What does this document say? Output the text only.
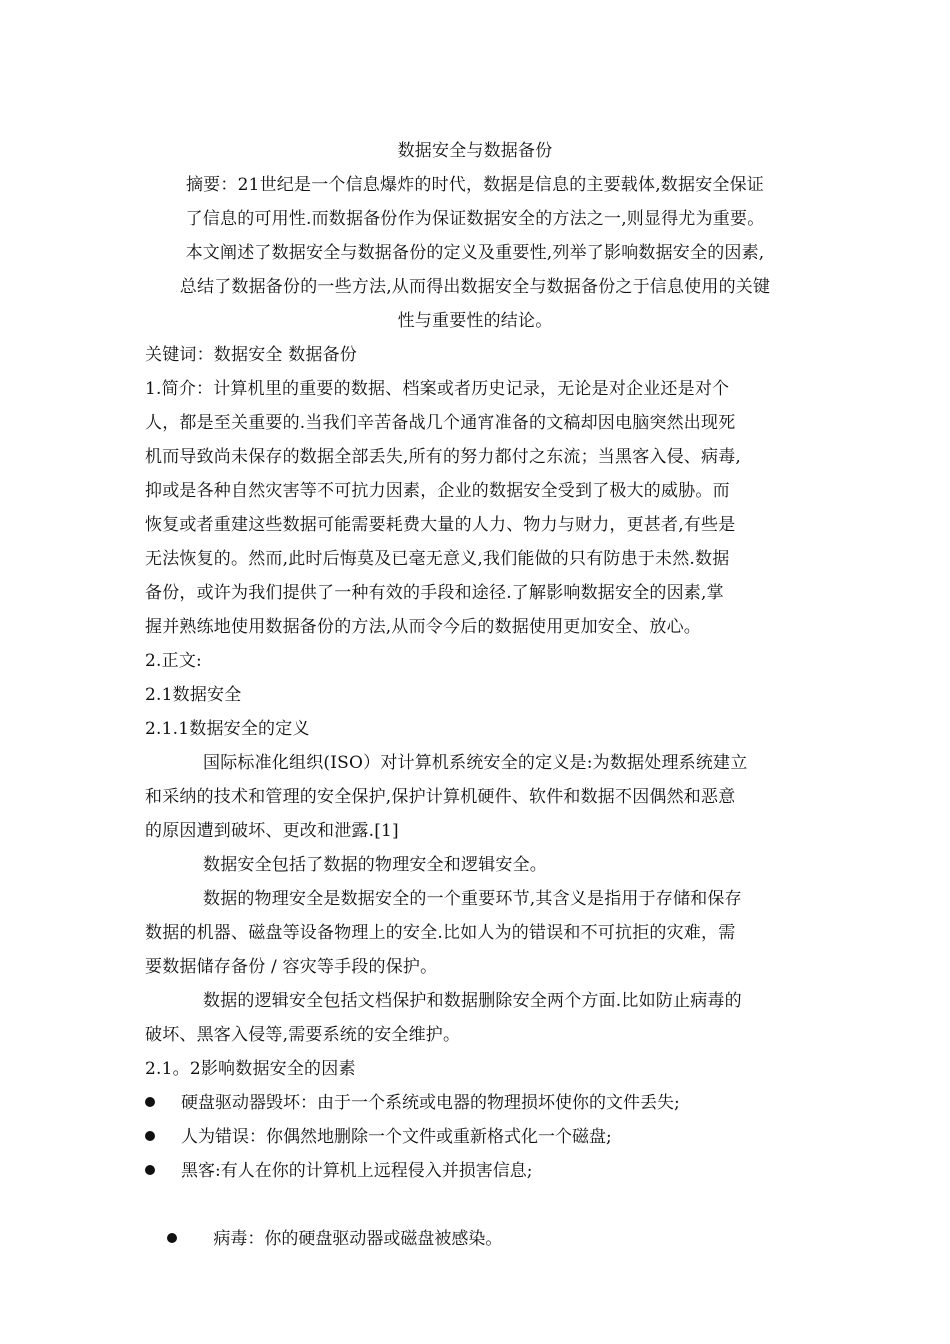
数据安全与数据备份
摘要：21世纪是一个信息爆炸的时代，数据是信息的主要载体,数据安全保证
了信息的可用性.而数据备份作为保证数据安全的方法之一,则显得尤为重要。
本文阐述了数据安全与数据备份的定义及重要性,列举了影响数据安全的因素,
总结了数据备份的一些方法,从而得出数据安全与数据备份之于信息使用的关键
性与重要性的结论。
关键词：数据安全 数据备份
1.简介：计算机里的重要的数据、档案或者历史记录，无论是对企业还是对个
人，都是至关重要的.当我们辛苦备战几个通宵准备的文稿却因电脑突然出现死
机而导致尚未保存的数据全部丢失,所有的努力都付之东流；当黑客入侵、病毒,
抑或是各种自然灾害等不可抗力因素，企业的数据安全受到了极大的威胁。而
恢复或者重建这些数据可能需要耗费大量的人力、物力与财力，更甚者,有些是
无法恢复的。然而,此时后悔莫及已毫无意义,我们能做的只有防患于未然.数据
备份，或许为我们提供了一种有效的手段和途径.了解影响数据安全的因素,掌
握并熟练地使用数据备份的方法,从而令今后的数据使用更加安全、放心。
2.正文:
2.1数据安全
2.1.1数据安全的定义
国际标准化组织(ISO）对计算机系统安全的定义是:为数据处理系统建立
和采纳的技术和管理的安全保护,保护计算机硬件、软件和数据不因偶然和恶意
的原因遭到破坏、更改和泄露.[1]
数据安全包括了数据的物理安全和逻辑安全。
数据的物理安全是数据安全的一个重要环节,其含义是指用于存储和保存
数据的机器、磁盘等设备物理上的安全.比如人为的错误和不可抗拒的灾难，需
要数据储存备份 / 容灾等手段的保护。
数据的逻辑安全包括文档保护和数据删除安全两个方面.比如防止病毒的
破坏、黑客入侵等,需要系统的安全维护。
2.1。2影响数据安全的因素
硬盘驱动器毁坏：由于一个系统或电器的物理损坏使你的文件丢失;
人为错误：你偶然地删除一个文件或重新格式化一个磁盘;
黑客:有人在你的计算机上远程侵入并损害信息;

病毒：你的硬盘驱动器或磁盘被感染。
